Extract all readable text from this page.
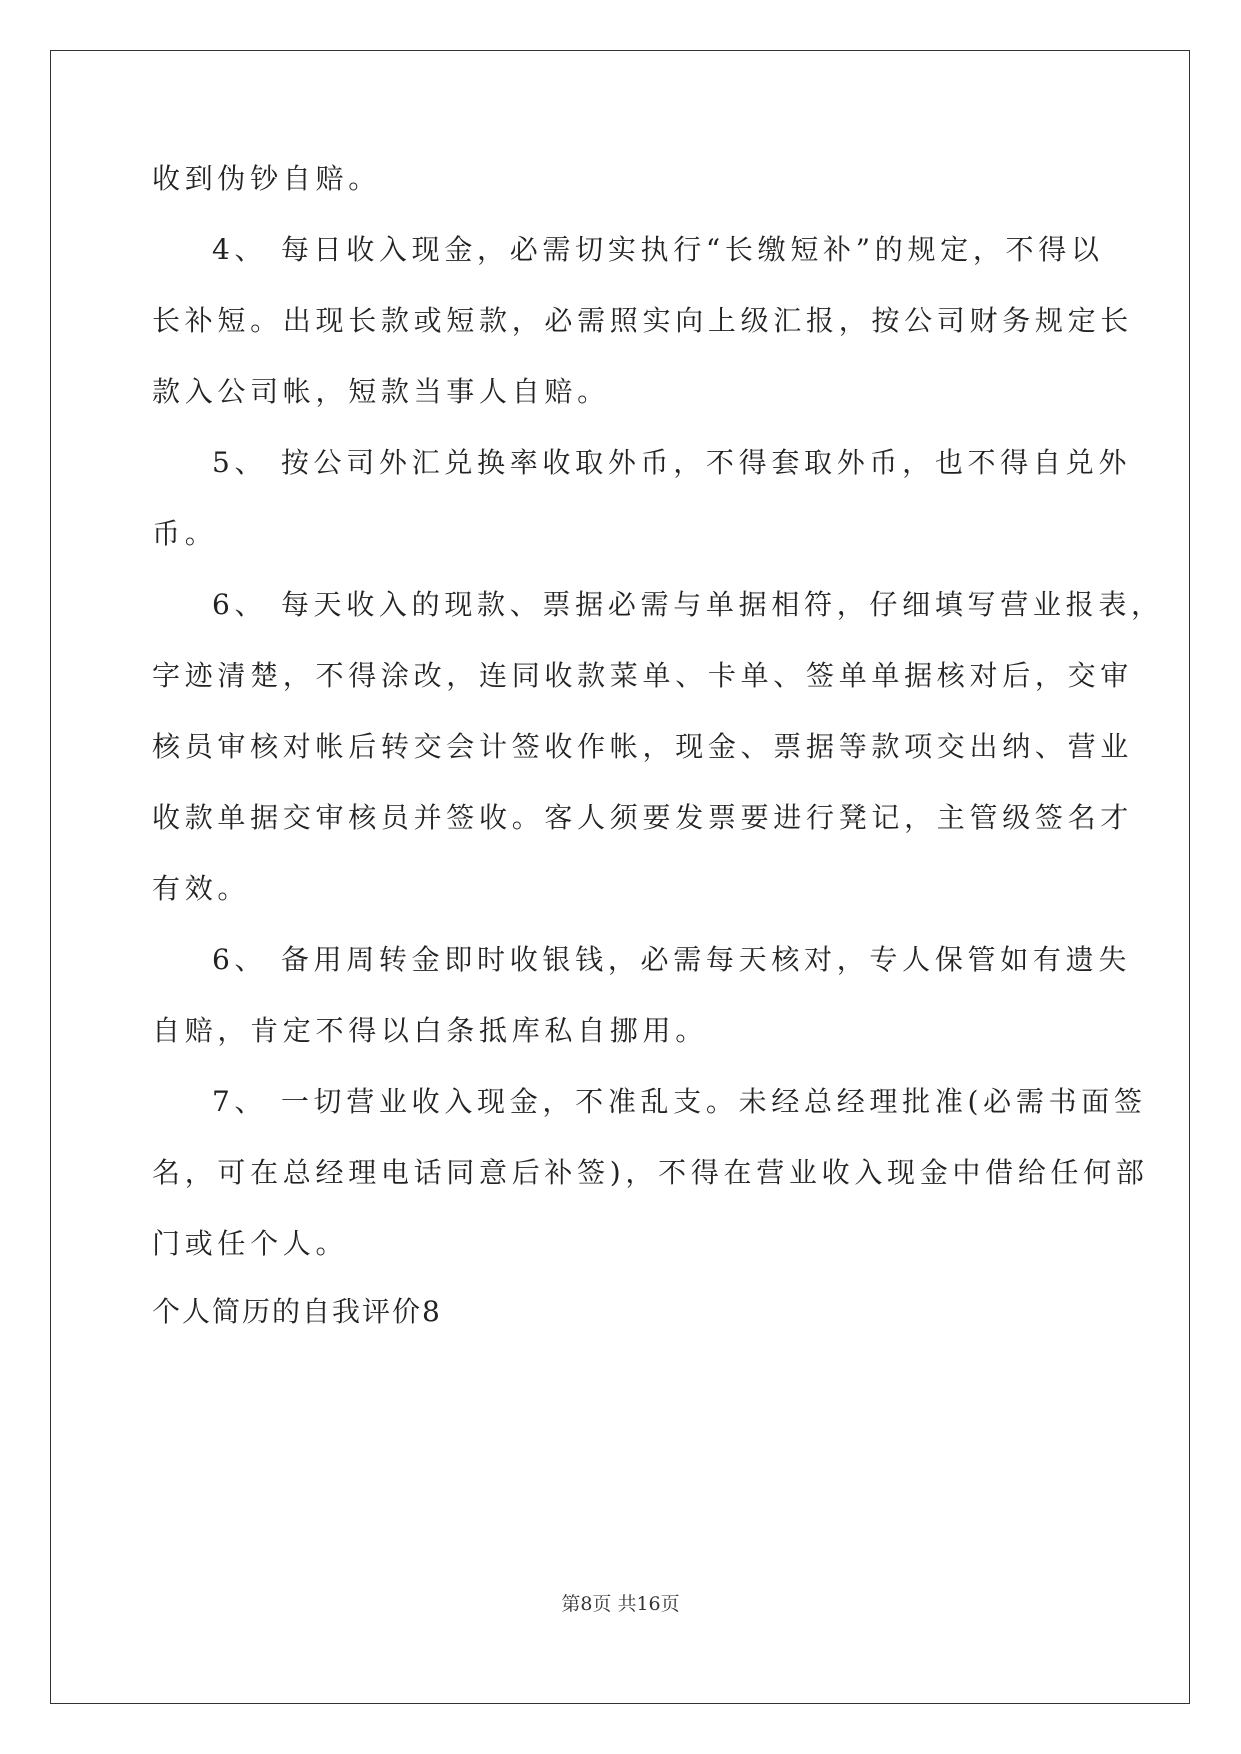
收到伪钞自赔。
4、 每日收入现金，必需切实执行“长缴短补”的规定，不得以
长补短。出现长款或短款，必需照实向上级汇报，按公司财务规定长
款入公司帐，短款当事人自赔。
5、 按公司外汇兑换率收取外币，不得套取外币，也不得自兑外
币。
6、 每天收入的现款、票据必需与单据相符，仔细填写营业报表，
字迹清楚，不得涂改，连同收款菜单、卡单、签单单据核对后，交审
核员审核对帐后转交会计签收作帐，现金、票据等款项交出纳、营业
收款单据交审核员并签收。客人须要发票要进行凳记，主管级签名才
有效。
6、 备用周转金即时收银钱，必需每天核对，专人保管如有遗失
自赔，肯定不得以白条抵库私自挪用。
7、 一切营业收入现金，不准乱支。未经总经理批准(必需书面签
名，可在总经理电话同意后补签)，不得在营业收入现金中借给任何部
门或任个人。
个人简历的自我评价8
第8页 共16页
